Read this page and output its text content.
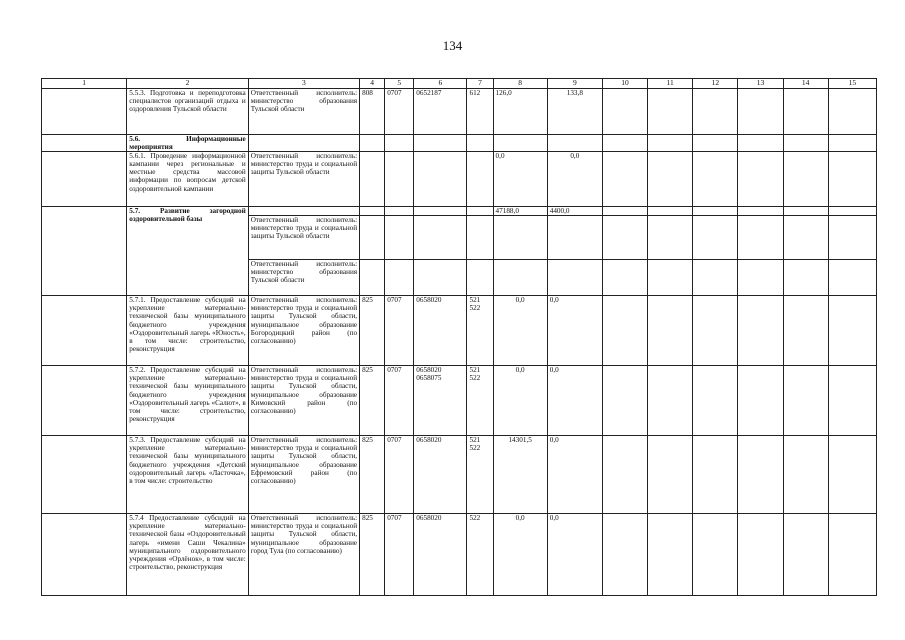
134
1	2	3	4	5	6	7	8	9	10	11	12	13	14	15
	5.5.3. Подготовка и переподготовка специалистов организаций отдыха и оздоровления Тульской области	Ответственный исполнитель: министерство образования Тульской области	808	0707	0652187	612	126,0	133,8						
	5.6. Информационные мероприятия													
	5.6.1. Проведение информационной кампании через региональные и местные средства массовой информации по вопросам детской оздоровительной кампании	Ответственный исполнитель: министерство труда и социальной защиты Тульской области					0,0	0,0						
	5.7. Развитие загородной оздоровительной базы						47188,0	4400,0						
		Ответственный исполнитель: министерство труда и социальной защиты Тульской области												
		Ответственный исполнитель: министерство образования Тульской области												
	5.7.1. Предоставление субсидий на укрепление материально-технической базы муниципального бюджетного учреждения «Оздоровительный лагерь «Юность», в том числе: строительство, реконструкция	Ответственный исполнитель: министерство труда и социальной защиты Тульской области, муниципальное образование Богородицкий район (по согласованию)	825	0707	0658020	521 522	0,0	0,0						
	5.7.2. Предоставление субсидий на укрепление материально-технической базы муниципального бюджетного учреждения «Оздоровительный лагерь «Салют», в том числе: строительство, реконструкция	Ответственный исполнитель: министерство труда и социальной защиты Тульской области, муниципальное образование Кимовский район (по согласованию)	825	0707	0658020 0658075	521 522	0,0	0,0						
	5.7.3. Предоставление субсидий на укрепление материально-технической базы муниципального бюджетного учреждения «Детский оздоровительный лагерь «Ласточка», в том числе: строительство	Ответственный исполнитель: министерство труда и социальной защиты Тульской области, муниципальное образование Ефремовский район (по согласованию)	825	0707	0658020	521 522	14301,5	0,0						
	5.7.4 Предоставление субсидий на укрепление материально-технической базы «Оздоровительный лагерь «имени Саши Чекалина» муниципального оздоровительного учреждения «Орлёнок», в том числе: строительство, реконструкция	Ответственный исполнитель: министерство труда и социальной защиты Тульской области, муниципальное образование город Тула (по согласованию)	825	0707	0658020	522	0,0	0,0						
